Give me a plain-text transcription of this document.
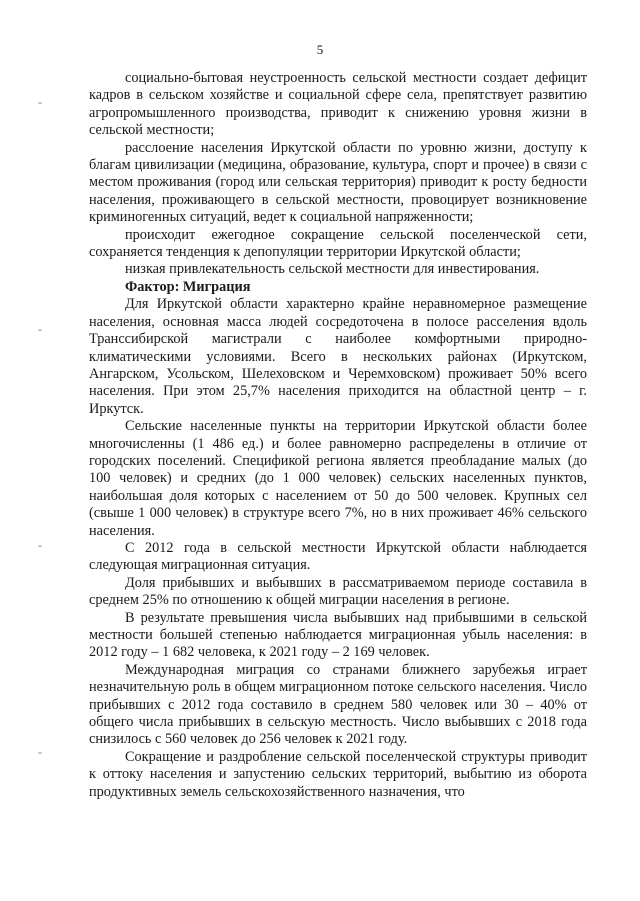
5
-
-
-
-

социально-бытовая неустроенность сельской местности создает дефицит кадров в сельском хозяйстве и социальной сфере села, препятствует развитию агропромышленного производства, приводит к снижению уровня жизни в сельской местности;

расслоение населения Иркутской области по уровню жизни, доступу к благам цивилизации (медицина, образование, культура, спорт и прочее) в связи с местом проживания (город или сельская территория) приводит к росту бедности населения, проживающего в сельской местности, провоцирует возникновение криминогенных ситуаций, ведет к социальной напряженности;

происходит ежегодное сокращение сельской поселенческой сети, сохраняется тенденция к депопуляции территории Иркутской области;

низкая привлекательность сельской местности для инвестирования.

Фактор: Миграция

Для Иркутской области характерно крайне неравномерное размещение населения, основная масса людей сосредоточена в полосе расселения вдоль Транссибирской магистрали с наиболее комфортными природно-климатическими условиями. Всего в нескольких районах (Иркутском, Ангарском, Усольском, Шелеховском и Черемховском) проживает 50% всего населения. При этом 25,7% населения приходится на областной центр – г. Иркутск.

Сельские населенные пункты на территории Иркутской области более многочисленны (1 486 ед.) и более равномерно распределены в отличие от городских поселений. Спецификой региона является преобладание малых (до 100 человек) и средних (до 1 000 человек) сельских населенных пунктов, наибольшая доля которых с населением от 50 до 500 человек. Крупных сел (свыше 1 000 человек) в структуре всего 7%, но в них проживает 46% сельского населения.

С 2012 года в сельской местности Иркутской области наблюдается следующая миграционная ситуация.

Доля прибывших и выбывших в рассматриваемом периоде составила в среднем 25% по отношению к общей миграции населения в регионе.

В результате превышения числа выбывших над прибывшими в сельской местности большей степенью наблюдается миграционная убыль населения: в 2012 году – 1 682 человека, к 2021 году – 2 169 человек.

Международная миграция со странами ближнего зарубежья играет незначительную роль в общем миграционном потоке сельского населения. Число прибывших с 2012 года составило в среднем 580 человек или 30 – 40% от общего числа прибывших в сельскую местность. Число выбывших с 2018 года снизилось с 560 человек до 256 человек к 2021 году.

Сокращение и раздробление сельской поселенческой структуры приводит к оттоку населения и запустению сельских территорий, выбытию из оборота продуктивных земель сельскохозяйственного назначения, что
